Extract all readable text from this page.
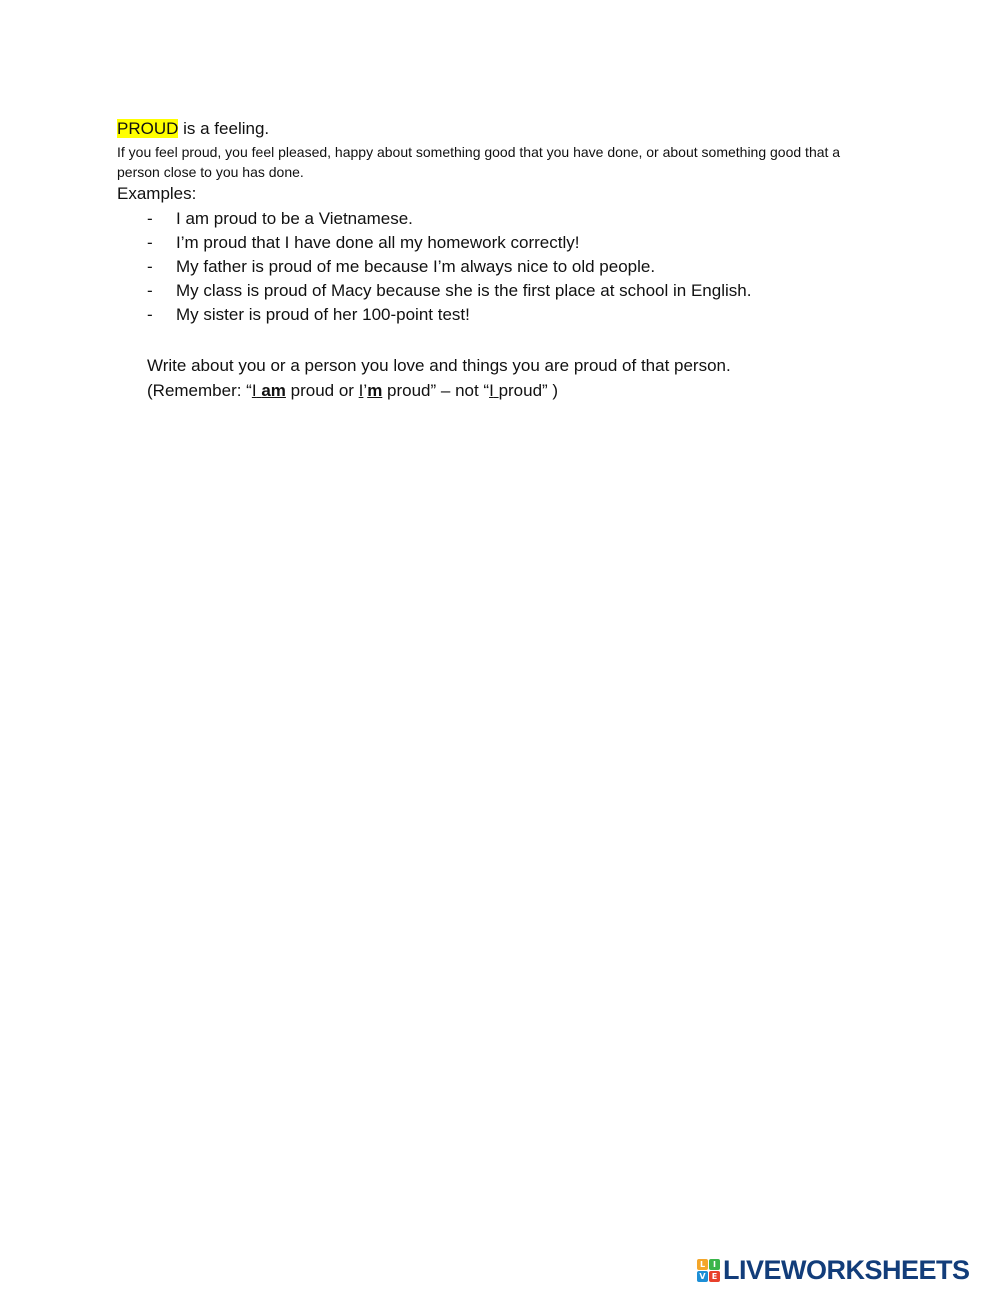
PROUD is a feeling.

If you feel proud, you feel pleased, happy about something good that you have done, or about something good that a person close to you has done.

Examples:

- I am proud to be a Vietnamese.
- I’m proud that I have done all my homework correctly!
- My father is proud of me because I’m always nice to old people.
- My class is proud of Macy because she is the first place at school in English.
- My sister is proud of her 100-point test!

Write about you or a person you love and things you are proud of that person.

(Remember: “I am proud or I’m proud” – not “I proud” )

L I
V E LIVEWORKSHEETS
